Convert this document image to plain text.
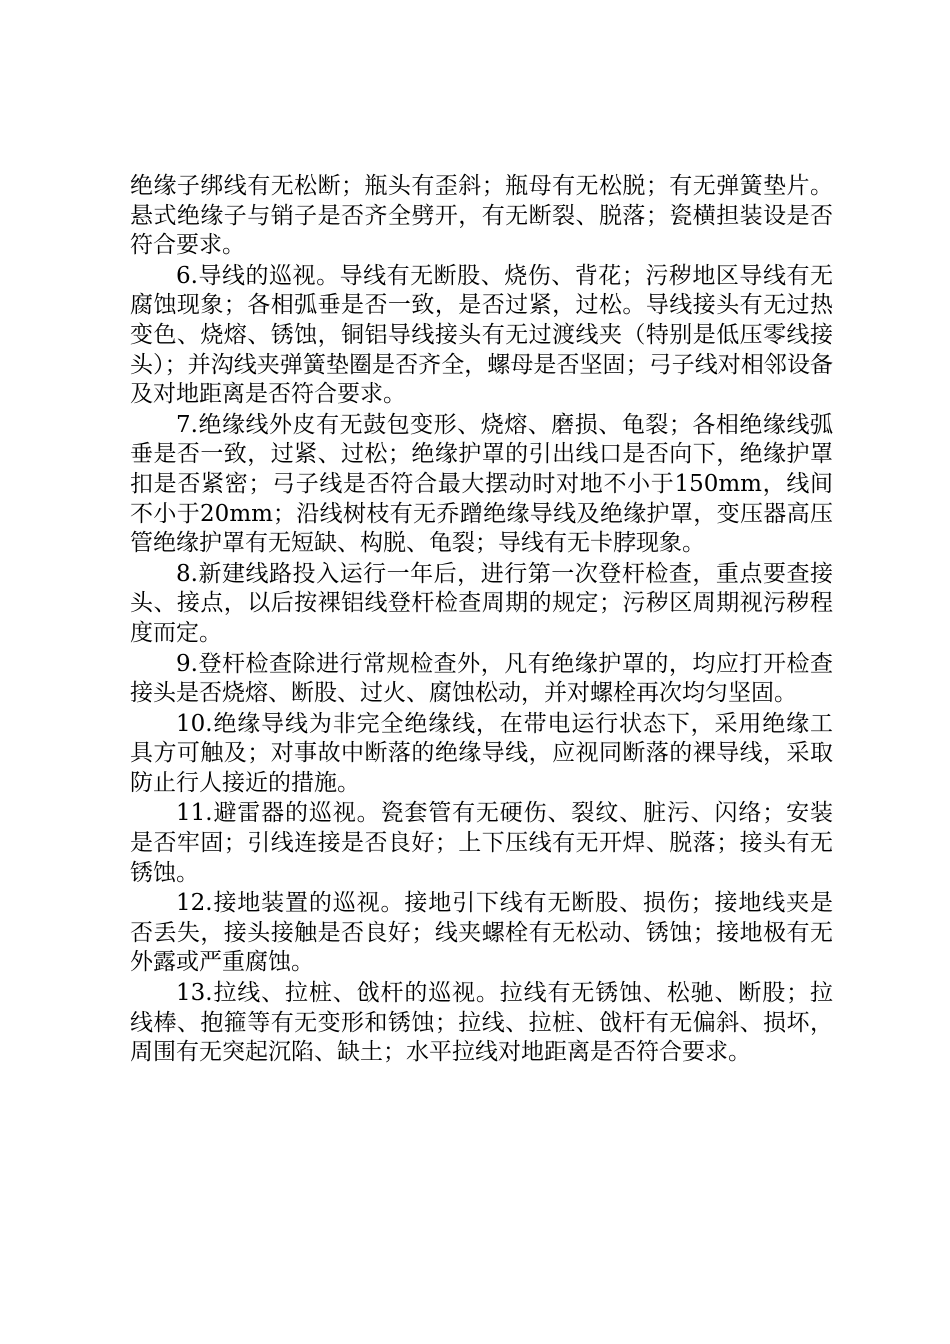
绝缘子绑线有无松断；瓶头有歪斜；瓶母有无松脱；有无弹簧垫片。悬式绝缘子与销子是否齐全劈开，有无断裂、脱落；瓷横担装设是否符合要求。

6.导线的巡视。导线有无断股、烧伤、背花；污秽地区导线有无腐蚀现象；各相弧垂是否一致，是否过紧，过松。导线接头有无过热变色、烧熔、锈蚀，铜铝导线接头有无过渡线夹（特别是低压零线接头）；并沟线夹弹簧垫圈是否齐全，螺母是否坚固；弓子线对相邻设备及对地距离是否符合要求。

7.绝缘线外皮有无鼓包变形、烧熔、磨损、龟裂；各相绝缘线弧垂是否一致，过紧、过松；绝缘护罩的引出线口是否向下，绝缘护罩扣是否紧密；弓子线是否符合最大摆动时对地不小于150mm，线间不小于20mm；沿线树枝有无乔蹭绝缘导线及绝缘护罩，变压器高压管绝缘护罩有无短缺、构脱、龟裂；导线有无卡脖现象。

8.新建线路投入运行一年后，进行第一次登杆检查，重点要查接头、接点，以后按裸铝线登杆检查周期的规定；污秽区周期视污秽程度而定。

9.登杆检查除进行常规检查外，凡有绝缘护罩的，均应打开检查接头是否烧熔、断股、过火、腐蚀松动，并对螺栓再次均匀坚固。

10.绝缘导线为非完全绝缘线，在带电运行状态下，采用绝缘工具方可触及；对事故中断落的绝缘导线，应视同断落的裸导线，采取防止行人接近的措施。

11.避雷器的巡视。瓷套管有无硬伤、裂纹、脏污、闪络；安装是否牢固；引线连接是否良好；上下压线有无开焊、脱落；接头有无锈蚀。

12.接地装置的巡视。接地引下线有无断股、损伤；接地线夹是否丢失，接头接触是否良好；线夹螺栓有无松动、锈蚀；接地极有无外露或严重腐蚀。

13.拉线、拉桩、戗杆的巡视。拉线有无锈蚀、松驰、断股；拉线棒、抱箍等有无变形和锈蚀；拉线、拉桩、戗杆有无偏斜、损坏，周围有无突起沉陷、缺土；水平拉线对地距离是否符合要求。
